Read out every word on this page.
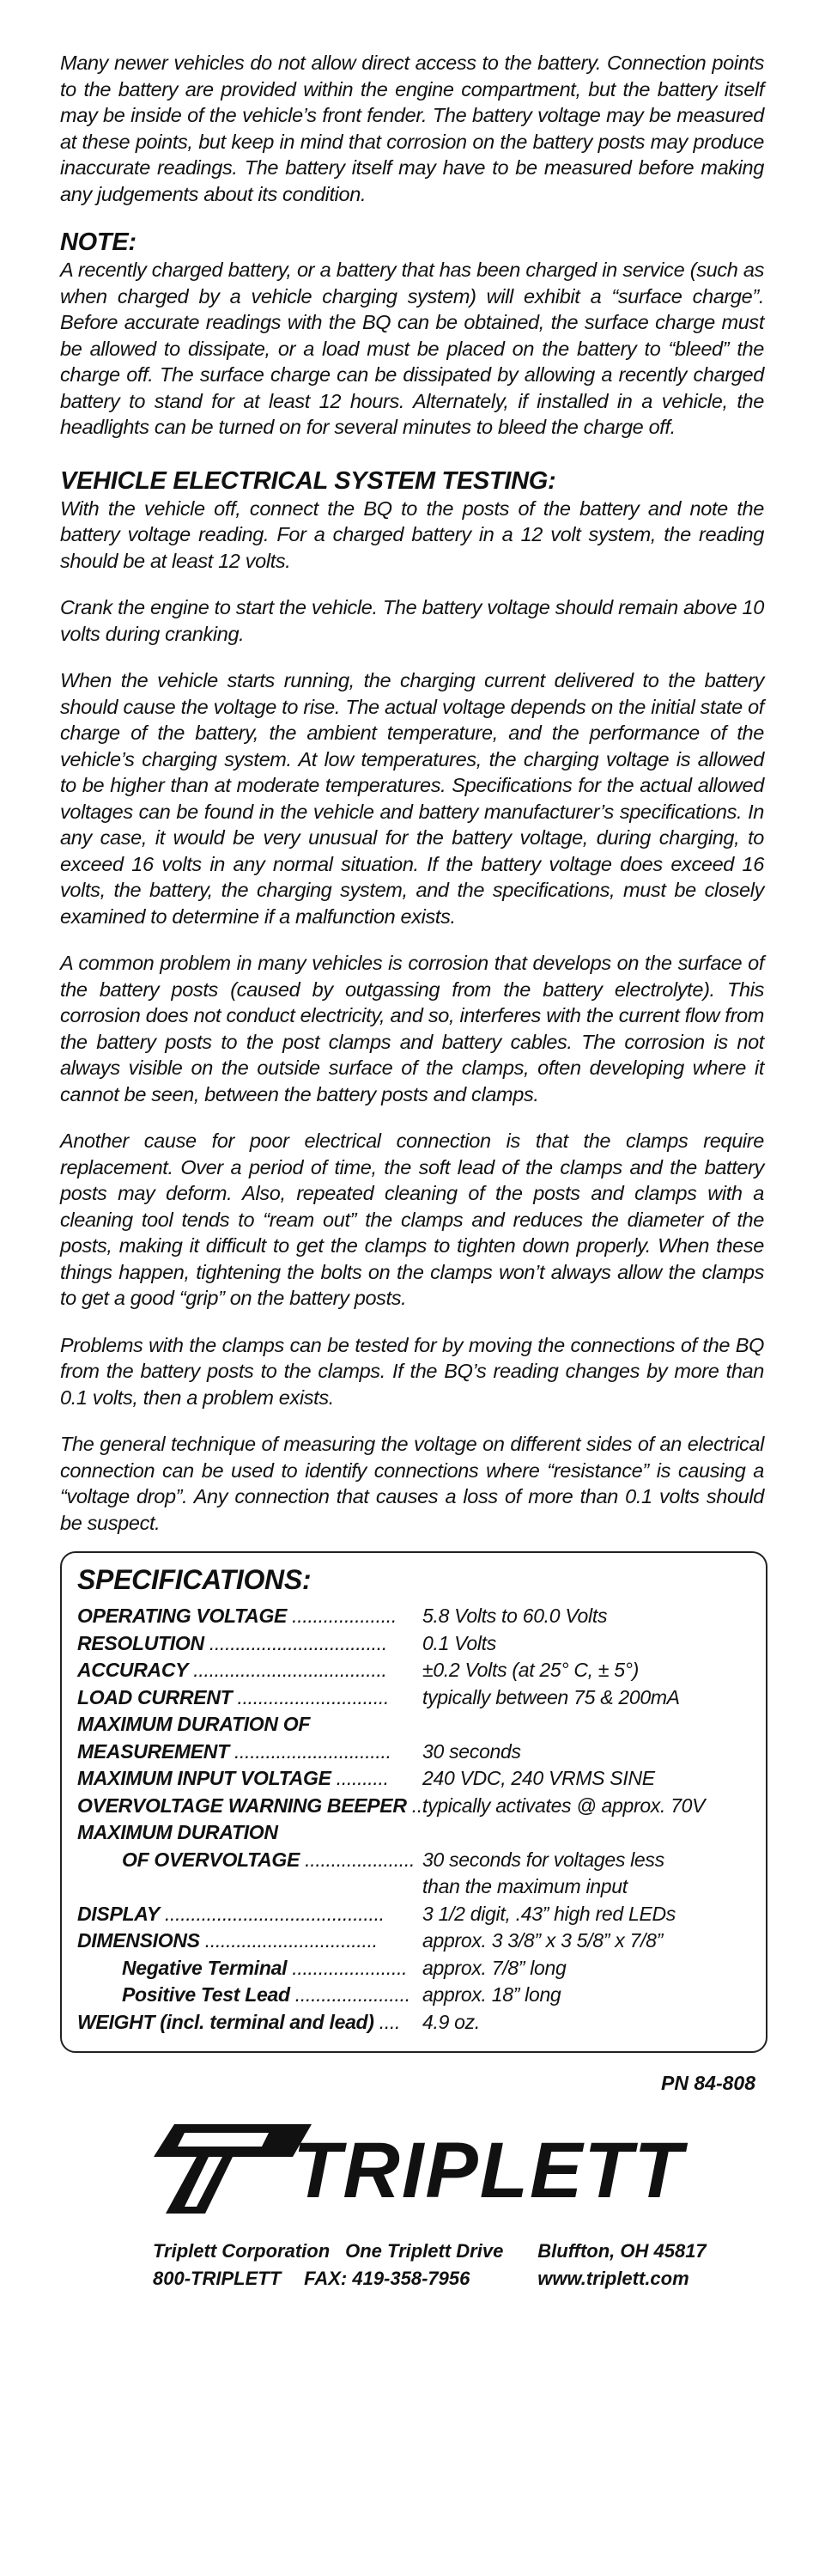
Many newer vehicles do not allow direct access to the battery. Connection points to the battery are provided within the engine compartment, but the battery itself may be inside of the vehicle’s front fender. The battery voltage may be measured at these points, but keep in mind that corrosion on the battery posts may produce inaccurate readings. The battery itself may have to be measured before making any judgements about its condition.

NOTE:

A recently charged battery, or a battery that has been charged in service (such as when charged by a vehicle charging system) will exhibit a “surface charge”. Before accurate readings with the BQ can be obtained, the surface charge must be allowed to dissipate, or a load must be placed on the battery to “bleed” the charge off. The surface charge can be dissipated by allowing a recently charged battery to stand for at least 12 hours. Alternately, if installed in a vehicle, the headlights can be turned on for several minutes to bleed the charge off.

VEHICLE ELECTRICAL SYSTEM TESTING:

With the vehicle off, connect the BQ to the posts of the battery and note the battery voltage reading. For a charged battery in a 12 volt system, the reading should be at least 12 volts.

Crank the engine to start the vehicle. The battery voltage should remain above 10 volts during cranking.

When the vehicle starts running, the charging current delivered to the battery should cause the voltage to rise. The actual voltage depends on the initial state of charge of the battery, the ambient temperature, and the performance of the vehicle’s charging system. At low temperatures, the charging voltage is allowed to be higher than at moderate temperatures. Specifications for the actual allowed voltages can be found in the vehicle and battery manufacturer’s specifications. In any case, it would be very unusual for the battery voltage, during charging, to exceed 16 volts in any normal situation. If the battery voltage does exceed 16 volts, the battery, the charging system, and the specifications, must be closely examined to determine if a malfunction exists.

A common problem in many vehicles is corrosion that develops on the surface of the battery posts (caused by outgassing from the battery electrolyte). This corrosion does not conduct electricity, and so, interferes with the current flow from the battery posts to the post clamps and battery cables. The corrosion is not always visible on the outside surface of the clamps, often developing where it cannot be seen, between the battery posts and clamps.

Another cause for poor electrical connection is that the clamps require replacement. Over a period of time, the soft lead of the clamps and the battery posts may deform. Also, repeated cleaning of the posts and clamps with a cleaning tool tends to “ream out” the clamps and reduces the diameter of the posts, making it difficult to get the clamps to tighten down properly. When these things happen, tightening the bolts on the clamps won’t always allow the clamps to get a good “grip” on the battery posts.

Problems with the clamps can be tested for by moving the connections of the BQ from the battery posts to the clamps. If the BQ’s reading changes by more than 0.1 volts, then a problem exists.

The general technique of measuring the voltage on different sides of an electrical connection can be used to identify connections where “resistance” is causing a “voltage drop”. Any connection that causes a loss of more than 0.1 volts should be suspect.

SPECIFICATIONS:
OPERATING VOLTAGE ....................	5.8 Volts to 60.0 Volts
RESOLUTION ..................................	0.1 Volts
ACCURACY .....................................	±0.2 Volts (at 25° C, ± 5°)
LOAD CURRENT .............................	typically between 75 & 200mA
MAXIMUM DURATION OF
MEASUREMENT ..............................	30 seconds
MAXIMUM INPUT VOLTAGE ..........	240 VDC, 240 VRMS SINE
OVERVOLTAGE WARNING BEEPER ...
typically activates @ approx. 70V
MAXIMUM DURATION
OF OVERVOLTAGE ..................... 30 seconds for voltages less
than the maximum input
DISPLAY ..........................................	3 1/2 digit, .43” high red LEDs
DIMENSIONS .................................	approx. 3 3/8” x 3 5/8” x 7/8”
Negative Terminal ...................... approx. 7/8” long
Positive Test Lead ...................... approx. 18” long
WEIGHT (incl. terminal and lead) ....	4.9 oz.
PN 84-808
TRIPLETT
Triplett Corporation One Triplett Drive Bluffton, OH 45817
800-TRIPLETT FAX: 419-358-7956	www.triplett.com
